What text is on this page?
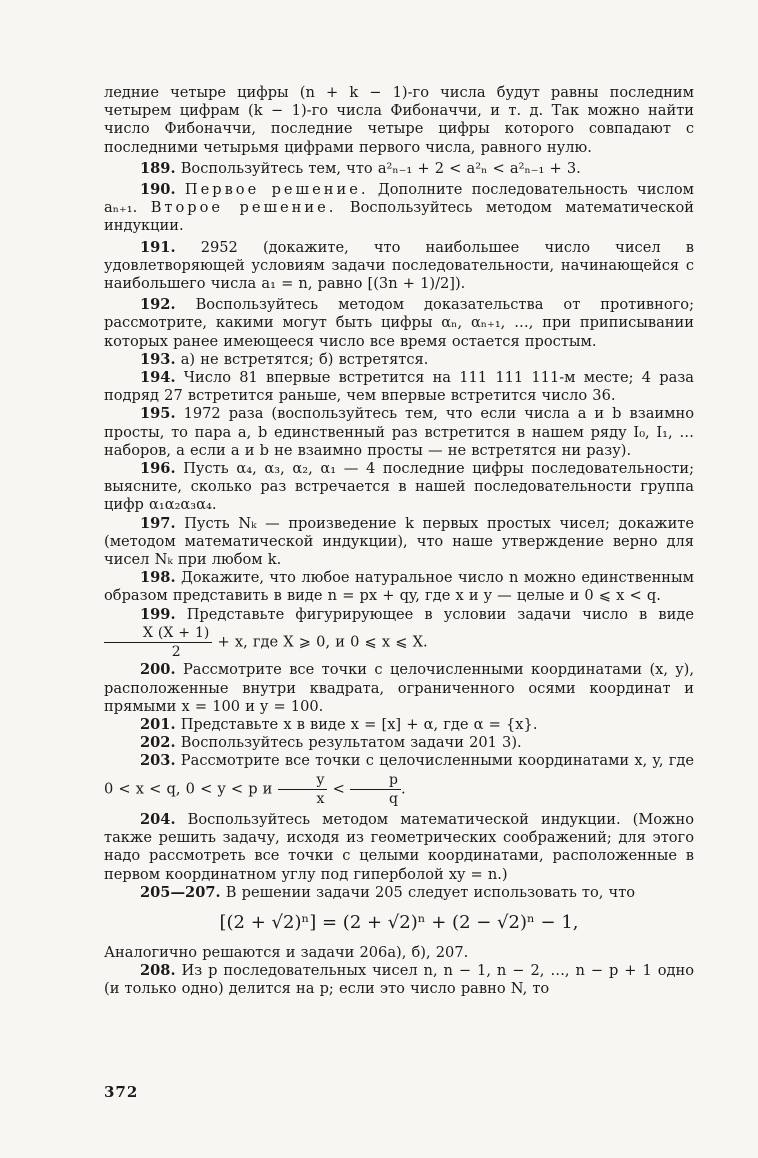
ледние четыре цифры (n + k − 1)-го числа будут равны последним четырем цифрам (k − 1)-го числа Фибоначчи, и т. д. Так можно найти число Фибоначчи, последние четыре цифры которого совпадают с последними четырьмя цифрами первого числа, равного нулю.

189. Воспользуйтесь тем, что a²ₙ₋₁ + 2 < a²ₙ < a²ₙ₋₁ + 3.

190. Первое решение. Дополните последовательность числом aₙ₊₁. Второе решение. Воспользуйтесь методом математической индукции.

191. 2952 (докажите, что наибольшее число чисел в удовлетворяющей условиям задачи последовательности, начинающейся с наибольшего числа a₁ = n, равно [(3n + 1)/2]).

192. Воспользуйтесь методом доказательства от противного; рассмотрите, какими могут быть цифры αₙ, αₙ₊₁, …, при приписывании которых ранее имеющееся число все время остается простым.

193. а) не встретятся; б) встретятся.

194. Число 81 впервые встретится на 111 111 111-м месте; 4 раза подряд 27 встретится раньше, чем впервые встретится число 36.

195. 1972 раза (воспользуйтесь тем, что если числа a и b взаимно просты, то пара a, b единственный раз встретится в нашем ряду I₀, I₁, … наборов, а если a и b не взаимно просты — не встретятся ни разу).

196. Пусть α₄, α₃, α₂, α₁ — 4 последние цифры последовательности; выясните, сколько раз встречается в нашей последовательности группа цифр α₁α₂α₃α₄.

197. Пусть Nₖ — произведение k первых простых чисел; докажите (методом математической индукции), что наше утверждение верно для чисел Nₖ при любом k.

198. Докажите, что любое натуральное число n можно единственным образом представить в виде n = px + qy, где x и y — целые и 0 ⩽ x < q.

199. Представьте фигурирующее в условии задачи число в виде
$\frac{X (X + 1)}{2} + x$, где X ⩾ 0, и 0 ⩽ x ⩽ X.

200. Рассмотрите все точки с целочисленными координатами (x, y), расположенные внутри квадрата, ограниченного осями координат и прямыми x = 100 и y = 100.

201. Представьте x в виде x = [x] + α, где α = {x}.

202. Воспользуйтесь результатом задачи 201 3).

203. Рассмотрите все точки с целочисленными координатами x, y, где 0 < x < q, 0 < y < p и $\frac{y}{x} < \frac{p}{q}$ .

204. Воспользуйтесь методом математической индукции. (Можно также решить задачу, исходя из геометрических соображений; для этого надо рассмотреть все точки с целыми координатами, расположенные в первом координатном углу под гиперболой xy = n.)

205—207. В решении задачи 205 следует использовать то, что

[(2 + √2)ⁿ] = (2 + √2)ⁿ + (2 − √2)ⁿ − 1,

Аналогично решаются и задачи 206а), б), 207.

208. Из p последовательных чисел n, n − 1, n − 2, …, n − p + 1 одно (и только одно) делится на p; если это число равно N, то

372
